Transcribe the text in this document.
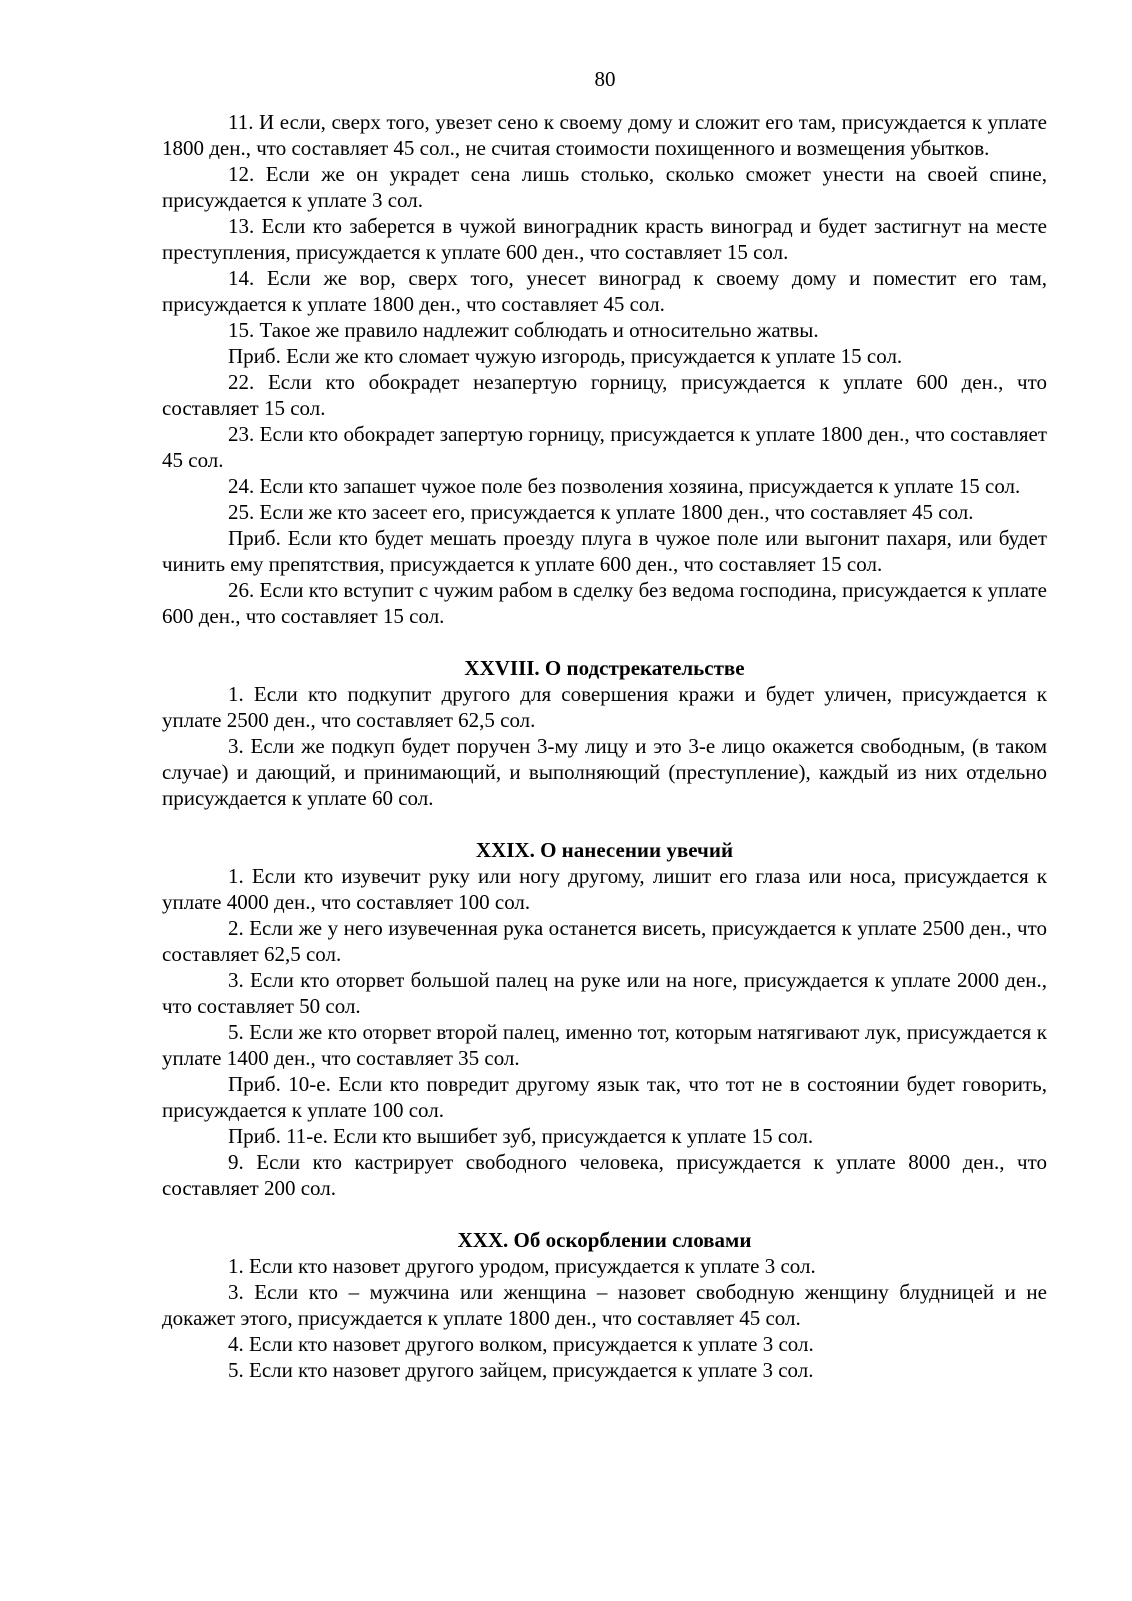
80

11. И если, сверх того, увезет сено к своему дому и сложит его там, присуждается к уплате 1800 ден., что составляет 45 сол., не считая стоимости похищенного и возмещения убытков.

12. Если же он украдет сена лишь столько, сколько сможет унести на своей спине, присуждается к уплате 3 сол.

13. Если кто заберется в чужой виноградник красть виноград и будет застигнут на месте преступления, присуждается к уплате 600 ден., что составляет 15 сол.

14. Если же вор, сверх того, унесет виноград к своему дому и поместит его там, присуждается к уплате 1800 ден., что составляет 45 сол.

15. Такое же правило надлежит соблюдать и относительно жатвы.

Приб. Если же кто сломает чужую изгородь, присуждается к уплате 15 сол.

22. Если кто обокрадет незапертую горницу, присуждается к уплате 600 ден., что составляет 15 сол.

23. Если кто обокрадет запертую горницу, присуждается к уплате 1800 ден., что составляет 45 сол.

24. Если кто запашет чужое поле без позволения хозяина, присуждается к уплате 15 сол.

25. Если же кто засеет его, присуждается к уплате 1800 ден., что составляет 45 сол.

Приб. Если кто будет мешать проезду плуга в чужое поле или выгонит пахаря, или будет чинить ему препятствия, присуждается к уплате 600 ден., что составляет 15 сол.

26. Если кто вступит с чужим рабом в сделку без ведома господина, присуждается к уплате 600 ден., что составляет 15 сол.

XXVIII. О подстрекательстве

1. Если кто подкупит другого для совершения кражи и будет уличен, присуждается к уплате 2500 ден., что составляет 62,5 сол.

3. Если же подкуп будет поручен 3-му лицу и это 3-е лицо окажется свободным, (в таком случае) и дающий, и принимающий, и выполняющий (преступление), каждый из них отдельно присуждается к уплате 60 сол.

XXIX. О нанесении увечий

1. Если кто изувечит руку или ногу другому, лишит его глаза или носа, присуждается к уплате 4000 ден., что составляет 100 сол.

2. Если же у него изувеченная рука останется висеть, присуждается к уплате 2500 ден., что составляет 62,5 сол.

3. Если кто оторвет большой палец на руке или на ноге, присуждается к уплате 2000 ден., что составляет 50 сол.

5. Если же кто оторвет второй палец, именно тот, которым натягивают лук, присуждается к уплате 1400 ден., что составляет 35 сол.

Приб. 10-е. Если кто повредит другому язык так, что тот не в состоянии будет говорить, присуждается к уплате 100 сол.

Приб. 11-е. Если кто вышибет зуб, присуждается к уплате 15 сол.

9. Если кто кастрирует свободного человека, присуждается к уплате 8000 ден., что составляет 200 сол.

XXX. Об оскорблении словами

1. Если кто назовет другого уродом, присуждается к уплате 3 сол.

3. Если кто – мужчина или женщина – назовет свободную женщину блудницей и не докажет этого, присуждается к уплате 1800 ден., что составляет 45 сол.

4. Если кто назовет другого волком, присуждается к уплате 3 сол.

5. Если кто назовет другого зайцем, присуждается к уплате 3 сол.
